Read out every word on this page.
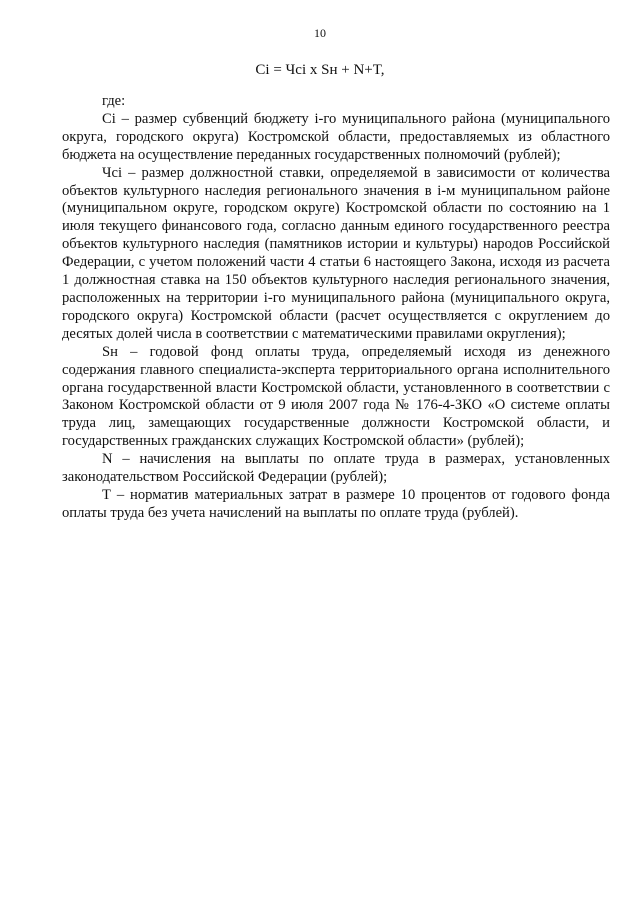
10
Ci = Чci x Sн + N+T,

где:

Ci – размер субвенций бюджету i-го муниципального района (муниципального округа, городского округа) Костромской области, предоставляемых из областного бюджета на осуществление переданных государственных полномочий (рублей);

Чci – размер должностной ставки, определяемой в зависимости от количества объектов культурного наследия регионального значения в i-м муниципальном районе (муниципальном округе, городском округе) Костромской области по состоянию на 1 июля текущего финансового года, согласно данным единого государственного реестра объектов культурного наследия (памятников истории и культуры) народов Российской Федерации, с учетом положений части 4 статьи 6 настоящего Закона, исходя из расчета 1 должностная ставка на 150 объектов культурного наследия регионального значения, расположенных на территории i-го муниципального района (муниципального округа, городского округа) Костромской области (расчет осуществляется с округлением до десятых долей числа в соответствии с математическими правилами округления);

Sн – годовой фонд оплаты труда, определяемый исходя из денежного содержания главного специалиста-эксперта территориального органа исполнительного органа государственной власти Костромской области, установленного в соответствии с Законом Костромской области от 9 июля 2007 года № 176-4-ЗКО «О системе оплаты труда лиц, замещающих государственные должности Костромской области, и государственных гражданских служащих Костромской области» (рублей);

N – начисления на выплаты по оплате труда в размерах, установленных законодательством Российской Федерации (рублей);

Т – норматив материальных затрат в размере 10 процентов от годового фонда оплаты труда без учета начислений на выплаты по оплате труда (рублей).
